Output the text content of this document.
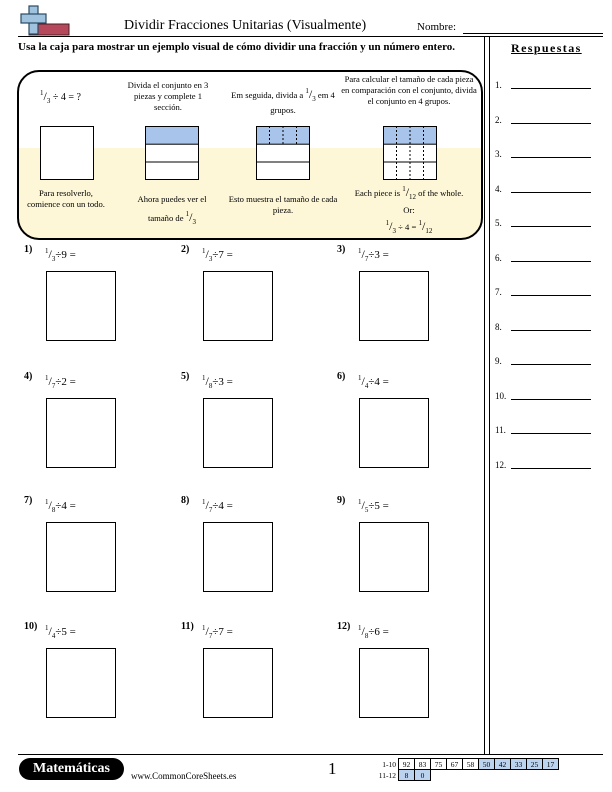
Dividir Fracciones Unitarias (Visualmente)	Nombre:
Usa la caja para mostrar un ejemplo visual de cómo dividir una fracción y un número entero.
$^1/_3 \div 4$ = ?
Divida el conjunto en 3 piezas y complete 1 sección.
Em seguida, divida a $^1/_3$ em 4 grupos.
Para calcular el tamaño de cada pieza en comparación con el conjunto, divida el conjunto en 4 grupos.
Para resolverlo, comience con un todo.	Ahora puedes ver el tamaño de $^1/_3$
Esto muestra el tamaño de cada pieza.
Each piece is $^1/_{12}$ of the whole.
Or:
$^1/_3 \div 4 = ^1/_{12}$
1) $^1/_3\div 9$ =	2) $^1/_3\div 7$ =	3) $^1/_7\div 3$ =
4) $^1/_7\div 2$ =	5) $^1/_8\div 3$ =	6) $^1/_4\div 4$ =
7) $^1/_8\div 4$ =	8) $^1/_7\div 4$ =	9) $^1/_5\div 5$ =
10) $^1/_4\div 5$ =	11) $^1/_7\div 7$ =	12) $^1/_8\div 6$ =
Respuestas
1.
2.
3.
4.
5.
6.
7.
8.
9.
10.
11.
12.
Matemáticas	www.CommonCoreSheets.es	1	1-10	92	83	75	67	58	50	42	33	25	17
11-12	8	0								
